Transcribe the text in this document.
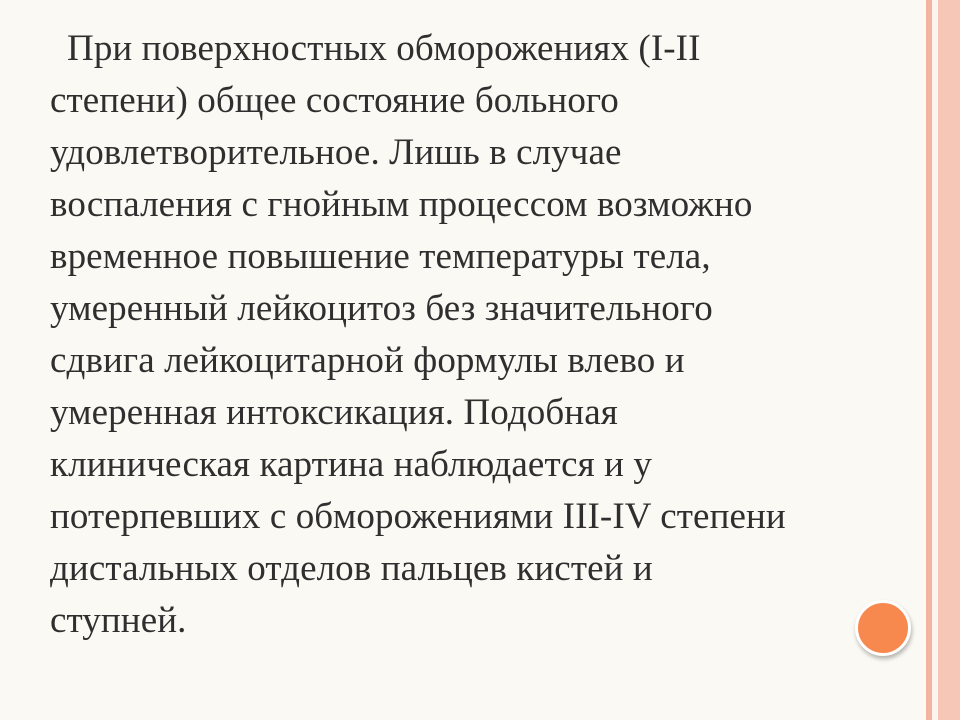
При поверхностных обморожениях (I-II
степени) общее состояние больного
удовлетворительное. Лишь в случае
воспаления с гнойным процессом возможно
временное повышение температуры тела,
умеренный лейкоцитоз без значительного
сдвига лейкоцитарной формулы влево и
умеренная интоксикация. Подобная
клиническая картина наблюдается и у
потерпевших с обморожениями III-IV степени
дистальных отделов пальцев кистей и
ступней.
